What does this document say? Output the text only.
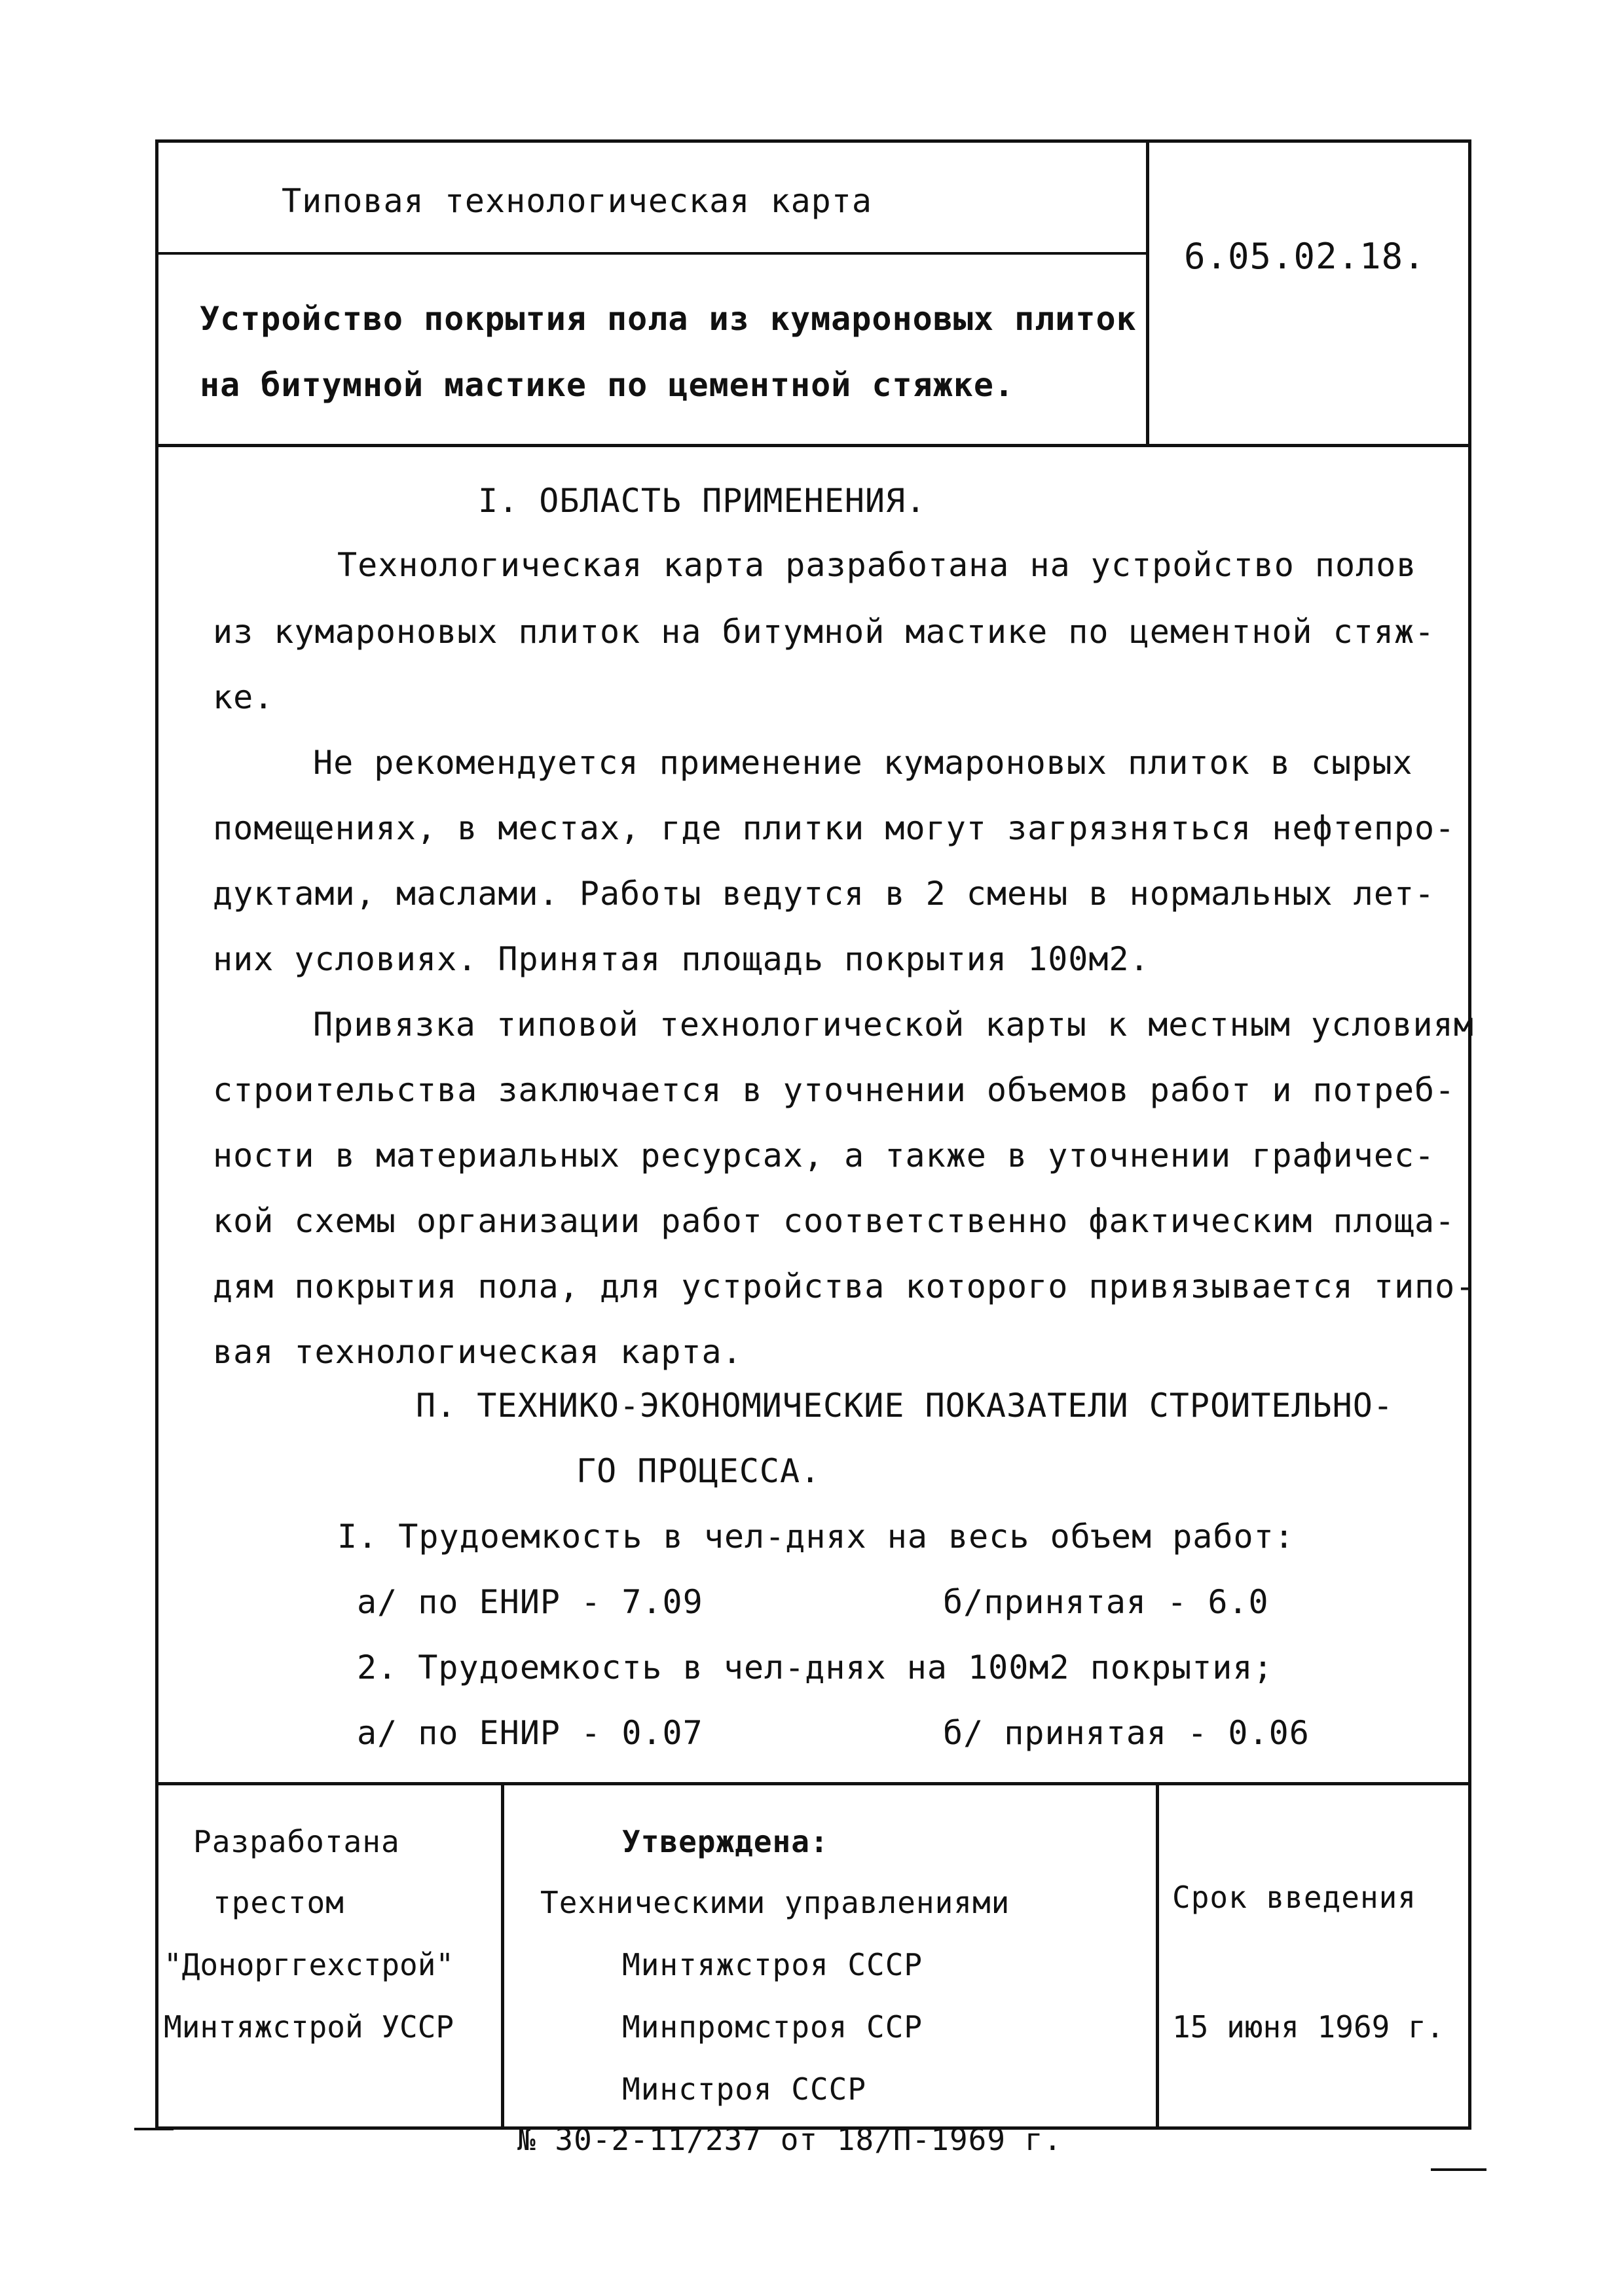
Типовая технологическая карта
6.05.02.18.
Устройство покрытия пола из кумароновых плиток
на битумной мастике по цементной стяжке.
I. ОБЛАСТЬ ПРИМЕНЕНИЯ.
Технологическая карта разработана на устройство полов
из кумароновых плиток на битумной мастике по цементной стяж-
ке.
Не рекомендуется применение кумароновых плиток в сырых
помещениях, в местах, где плитки могут загрязняться нефтепро-
дуктами, маслами. Работы ведутся в 2 смены в нормальных лет-
них условиях. Принятая площадь покрытия 100м2.
Привязка типовой технологической карты к местным условиям
строительства заключается в уточнении объемов работ и потреб-
ности в материальных ресурсах, а также в уточнении графичес-
кой схемы организации работ соответственно фактическим площа-
дям покрытия пола, для устройства которого привязывается типо-
вая технологическая карта.
П. ТЕХНИКО-ЭКОНОМИЧЕСКИЕ ПОКАЗАТЕЛИ СТРОИТЕЛЬНО-
ГО ПРОЦЕССА.
I. Трудоемкость в чел-днях на весь объем работ:
а/ по ЕНИР - 7.09	б/принятая - 6.0
2. Трудоемкость в чел-днях на 100м2 покрытия;
а/ по ЕНИР - 0.07	б/ принятая - 0.06
Разработана
трестом
"Донорггехстрой"
Минтяжстрой УССР
Утверждена:
Техническими управлениями
Минтяжстроя СССР
Минпромстроя ССР
Минстроя СССР
№ 30-2-11/237 от 18/П-1969 г.
Срок введения
15 июня 1969 г.
